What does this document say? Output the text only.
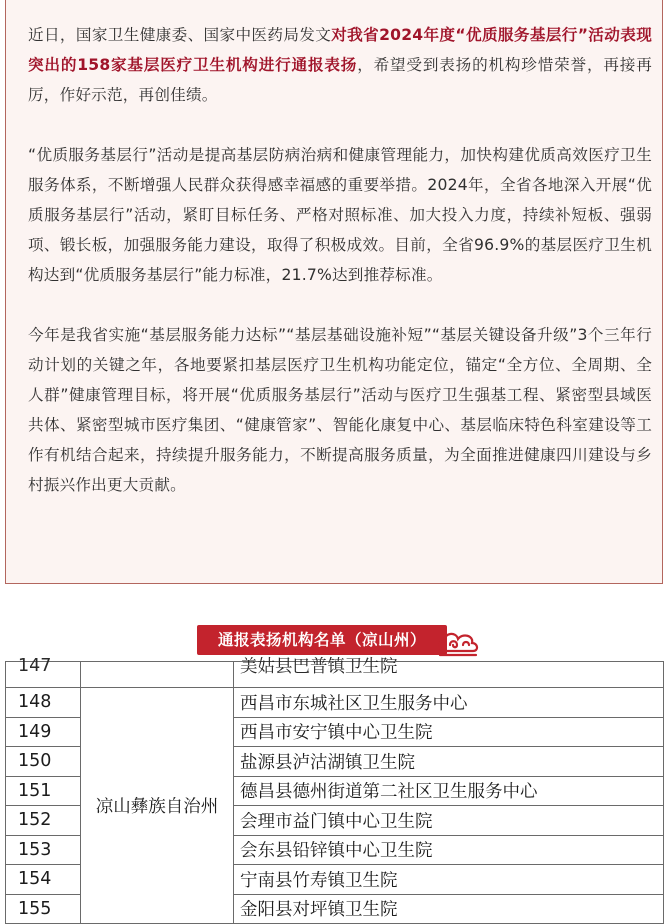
近日，国家卫生健康委、国家中医药局发文对我省2024年度“优质服务基层行”活动表现突出的158家基层医疗卫生机构进行通报表扬，希望受到表扬的机构珍惜荣誉，再接再厉，作好示范，再创佳绩。

“优质服务基层行”活动是提高基层防病治病和健康管理能力，加快构建优质高效医疗卫生服务体系，不断增强人民群众获得感幸福感的重要举措。2024年，全省各地深入开展“优质服务基层行”活动，紧盯目标任务、严格对照标准、加大投入力度，持续补短板、强弱项、锻长板，加强服务能力建设，取得了积极成效。目前，全省96.9%的基层医疗卫生机构达到“优质服务基层行”能力标准，21.7%达到推荐标准。

今年是我省实施“基层服务能力达标”“基层基础设施补短”“基层关键设备升级”3个三年行动计划的关键之年，各地要紧扣基层医疗卫生机构功能定位，锚定“全方位、全周期、全人群”健康管理目标，将开展“优质服务基层行”活动与医疗卫生强基工程、紧密型县域医共体、紧密型城市医疗集团、“健康管家”、智能化康复中心、基层临床特色科室建设等工作有机结合起来，持续提升服务能力，不断提高服务质量，为全面推进健康四川建设与乡村振兴作出更大贡献。

通报表扬机构名单（凉山州）
147		美姑县巴普镇卫生院
148	凉山彝族自治州	西昌市东城社区卫生服务中心
149		西昌市安宁镇中心卫生院
150		盐源县泸沽湖镇卫生院
151		德昌县德州街道第二社区卫生服务中心
152		会理市益门镇中心卫生院
153		会东县铅锌镇中心卫生院
154		宁南县竹寿镇卫生院
155		金阳县对坪镇卫生院
